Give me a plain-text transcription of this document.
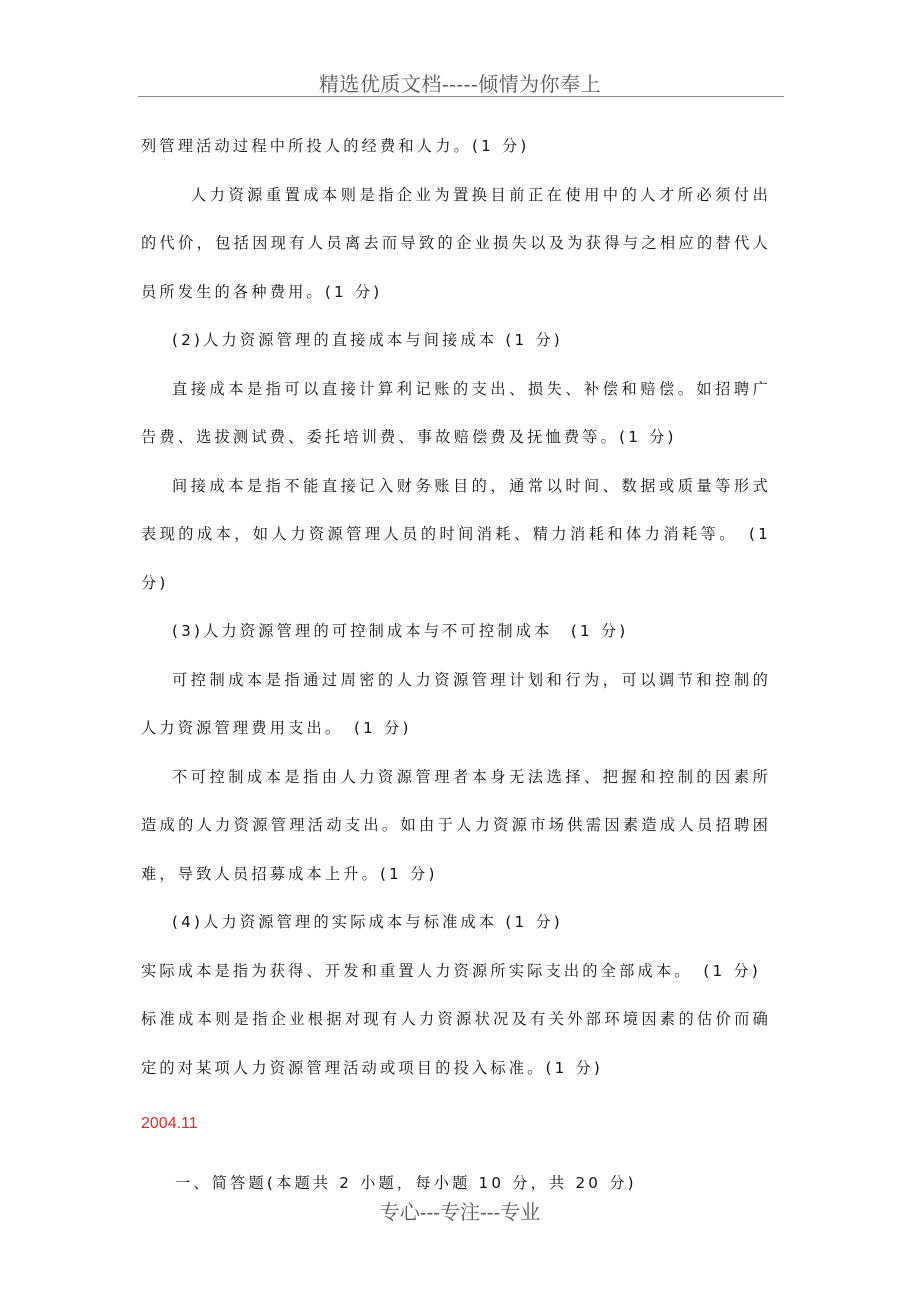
精选优质文档-----倾情为你奉上

列管理活动过程中所投人的经费和人力。(1 分)

人力资源重置成本则是指企业为置换目前正在使用中的人才所必须付出的代价，包括因现有人员离去而导致的企业损失以及为获得与之相应的替代人员所发生的各种费用。(1 分)

(2)人力资源管理的直接成本与间接成本 (1 分)

直接成本是指可以直接计算利记账的支出、损失、补偿和赔偿。如招聘广告费、选拔测试费、委托培训费、事故赔偿费及抚恤费等。(1 分)

间接成本是指不能直接记入财务账目的，通常以时间、数据或质量等形式表现的成本，如人力资源管理人员的时间消耗、精力消耗和体力消耗等。　(1 分)

(3)人力资源管理的可控制成本与不可控制成本　(1 分)

可控制成本是指通过周密的人力资源管理计划和行为，可以调节和控制的人力资源管理费用支出。　(1 分)

不可控制成本是指由人力资源管理者本身无法选择、把握和控制的因素所造成的人力资源管理活动支出。如由于人力资源市场供需因素造成人员招聘困难，导致人员招募成本上升。(1 分)

(4)人力资源管理的实际成本与标准成本 (1 分)

实际成本是指为获得、开发和重置人力资源所实际支出的全部成本。　(1 分)

标准成本则是指企业根据对现有人力资源状况及有关外部环境因素的估价而确定的对某项人力资源管理活动或项目的投入标准。(1 分)

2004.11

一、简答题(本题共 2 小题，每小题 10 分，共 20 分)

专心---专注---专业
